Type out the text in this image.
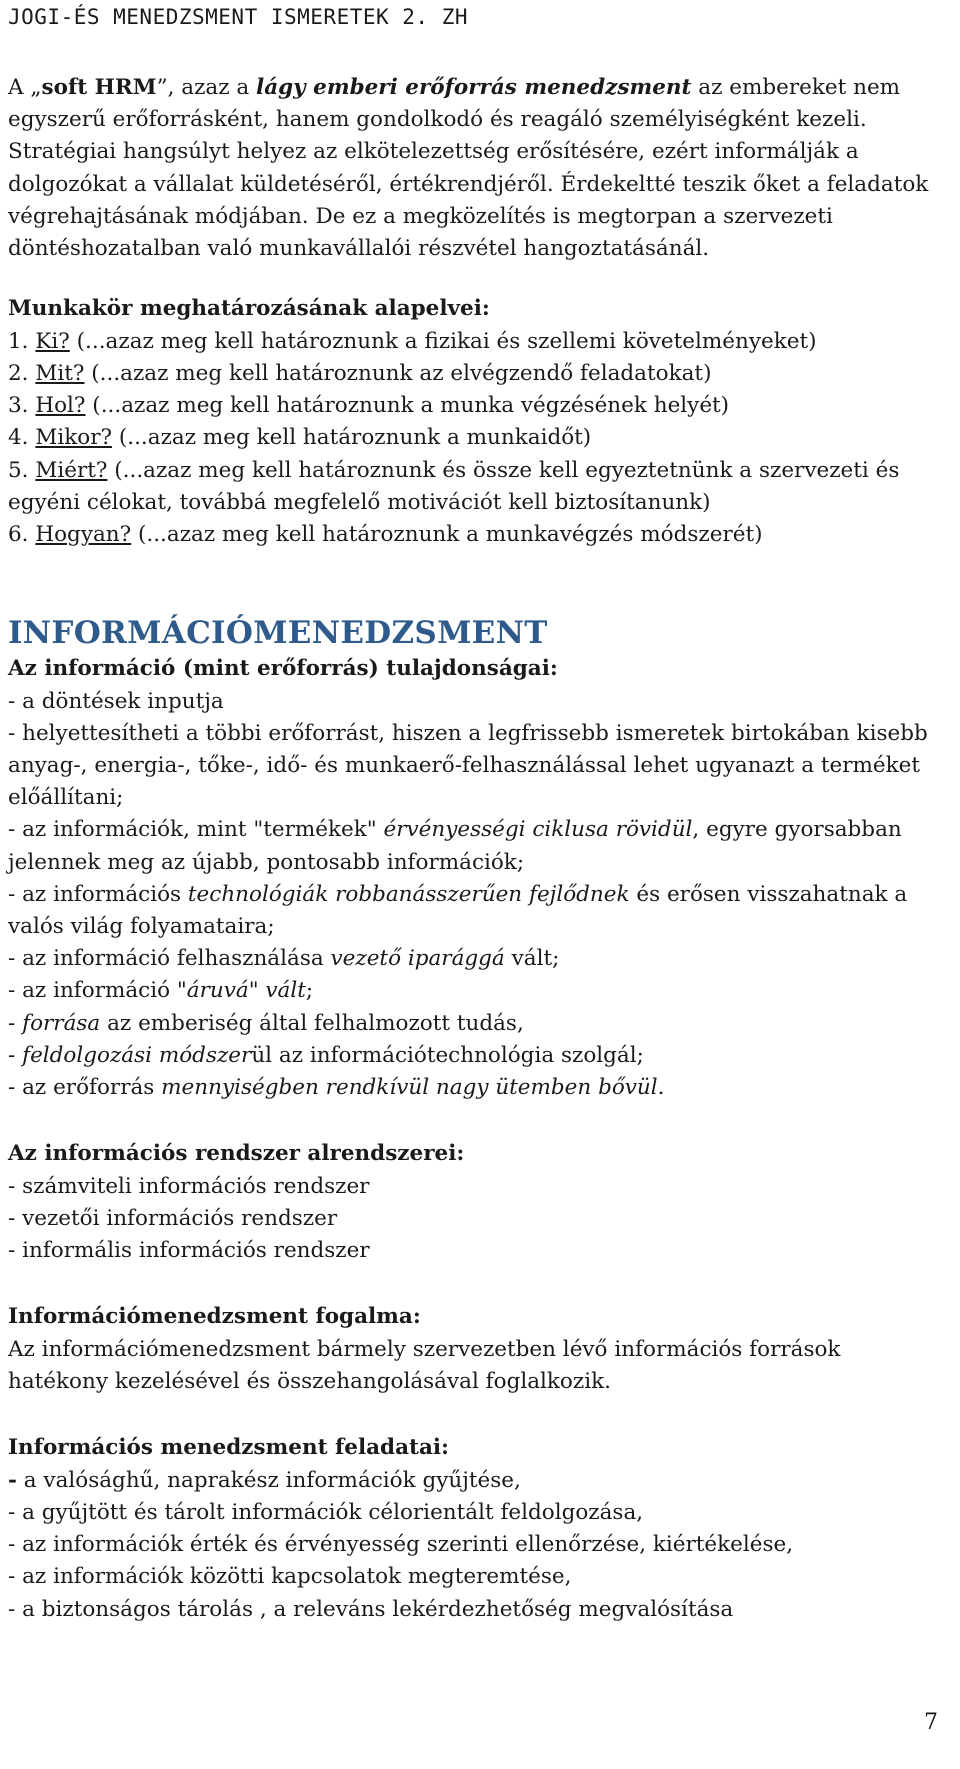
JOGI-ÉS MENEDZSMENT ISMERETEK 2. ZH

A „soft HRM”, azaz a lágy emberi erőforrás menedzsment az embereket nem egyszerű erőforrásként, hanem gondolkodó és reagáló személyiségként kezeli. Stratégiai hangsúlyt helyez az elkötelezettség erősítésére, ezért informálják a dolgozókat a vállalat küldetéséről, értékrendjéről. Érdekeltté teszik őket a feladatok végrehajtásának módjában. De ez a megközelítés is megtorpan a szervezeti döntéshozatalban való munkavállalói részvétel hangoztatásánál.

Munkakör meghatározásának alapelvei:
1. Ki? (...azaz meg kell határoznunk a fizikai és szellemi követelményeket)
2. Mit? (...azaz meg kell határoznunk az elvégzendő feladatokat)
3. Hol? (...azaz meg kell határoznunk a munka végzésének helyét)
4. Mikor? (...azaz meg kell határoznunk a munkaidőt)
5. Miért? (...azaz meg kell határoznunk és össze kell egyeztetnünk a szervezeti és egyéni célokat, továbbá megfelelő motivációt kell biztosítanunk)
6. Hogyan? (...azaz meg kell határoznunk a munkavégzés módszerét)
INFORMÁCIÓMENEDZSMENT
Az információ (mint erőforrás) tulajdonságai:
- a döntések inputja
- helyettesítheti a többi erőforrást, hiszen a legfrissebb ismeretek birtokában kisebb anyag-, energia-, tőke-, idő- és munkaerő-felhasználással lehet ugyanazt a terméket előállítani;
- az információk, mint "termékek" érvényességi ciklusa rövidül, egyre gyorsabban jelennek meg az újabb, pontosabb információk;
- az információs technológiák robbanásszerűen fejlődnek és erősen visszahatnak a valós világ folyamataira;
- az információ felhasználása vezető iparággá vált;
- az információ "áruvá" vált;
- forrása az emberiség által felhalmozott tudás,
- feldolgozási módszerül az információtechnológia szolgál;
- az erőforrás mennyiségben rendkívül nagy ütemben bővül.
Az információs rendszer alrendszerei:
- számviteli információs rendszer
- vezetői információs rendszer
- informális információs rendszer
Információmenedzsment fogalma:

Az információmenedzsment bármely szervezetben lévő információs források hatékony kezelésével és összehangolásával foglalkozik.

Információs menedzsment feladatai:
- a valósághű, naprakész információk gyűjtése,
- a gyűjtött és tárolt információk célorientált feldolgozása,
- az információk érték és érvényesség szerinti ellenőrzése, kiértékelése,
- az információk közötti kapcsolatok megteremtése,
- a biztonságos tárolás , a releváns lekérdezhetőség megvalósítása
7
